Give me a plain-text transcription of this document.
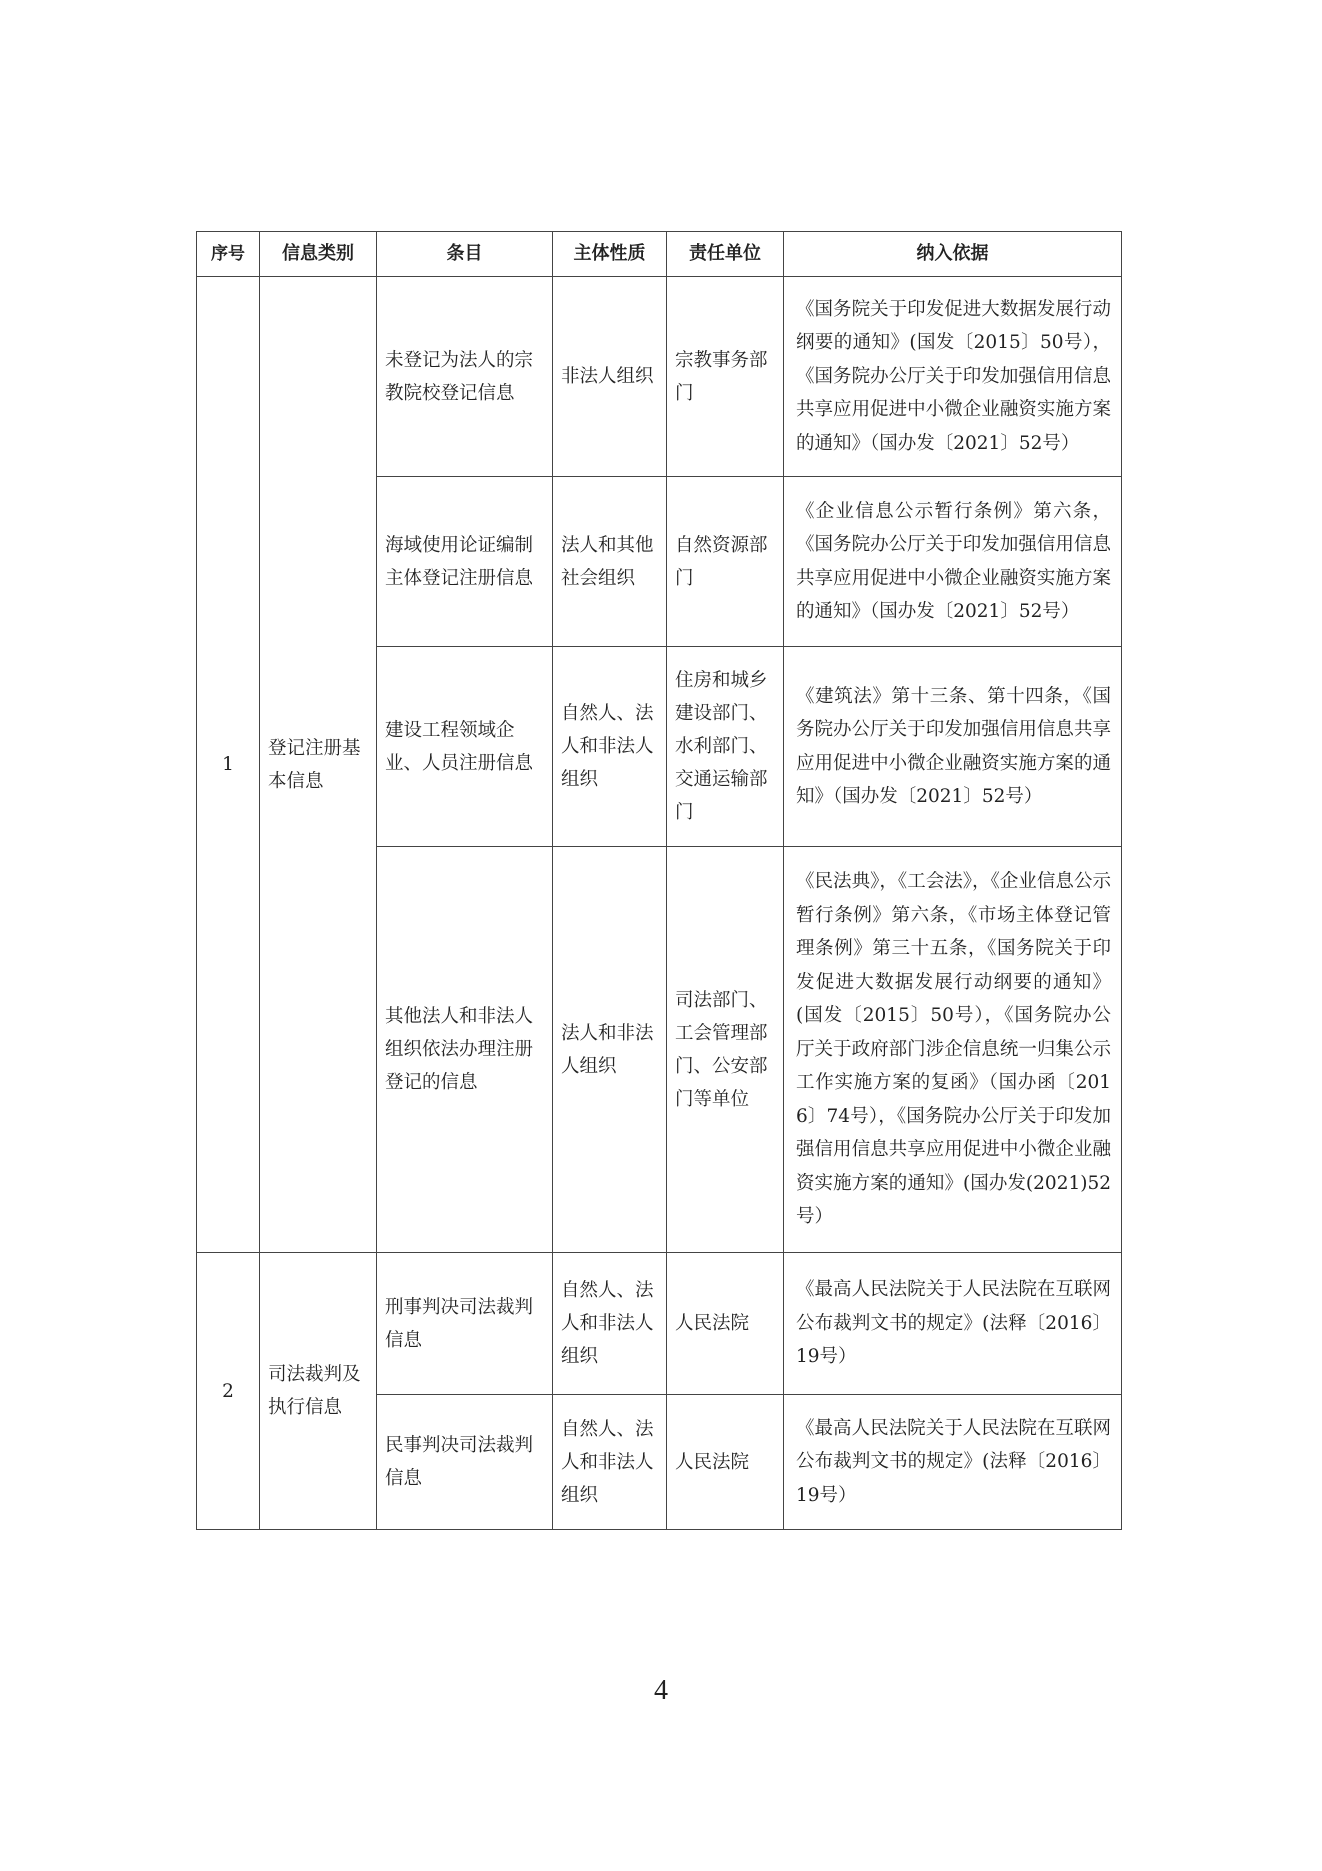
序号	信息类别	条目	主体性质	责任单位	纳入依据
1	登记注册基本信息	未登记为法人的宗教院校登记信息	非法人组织	宗教事务部门	《国务院关于印发促进大数据发展行动纲要的通知》(国发〔2015〕50号），《国务院办公厅关于印发加强信用信息共享应用促进中小微企业融资实施方案的通知》（国办发〔2021〕52号）
		海域使用论证编制主体登记注册信息	法人和其他社会组织	自然资源部门	《企业信息公示暂行条例》第六条，《国务院办公厅关于印发加强信用信息共享应用促进中小微企业融资实施方案的通知》（国办发〔2021〕52号）
		建设工程领域企业、人员注册信息	自然人、法人和非法人组织	住房和城乡建设部门、水利部门、交通运输部门	《建筑法》第十三条、第十四条，《国务院办公厅关于印发加强信用信息共享应用促进中小微企业融资实施方案的通知》（国办发〔2021〕52号）
		其他法人和非法人组织依法办理注册登记的信息	法人和非法人组织	司法部门、工会管理部门、公安部门等单位	《民法典》，《工会法》，《企业信息公示暂行条例》第六条，《市场主体登记管理条例》第三十五条，《国务院关于印发促进大数据发展行动纲要的通知》(国发〔2015〕50号），《国务院办公厅关于政府部门涉企信息统一归集公示工作实施方案的复函》（国办函〔2016〕74号），《国务院办公厅关于印发加强信用信息共享应用促进中小微企业融资实施方案的通知》(国办发(2021)52号）
2	司法裁判及执行信息	刑事判决司法裁判信息	自然人、法人和非法人组织	人民法院	《最高人民法院关于人民法院在互联网公布裁判文书的规定》(法释〔2016〕19号）
		民事判决司法裁判信息	自然人、法人和非法人组织	人民法院	《最高人民法院关于人民法院在互联网公布裁判文书的规定》(法释〔2016〕19号）
4
